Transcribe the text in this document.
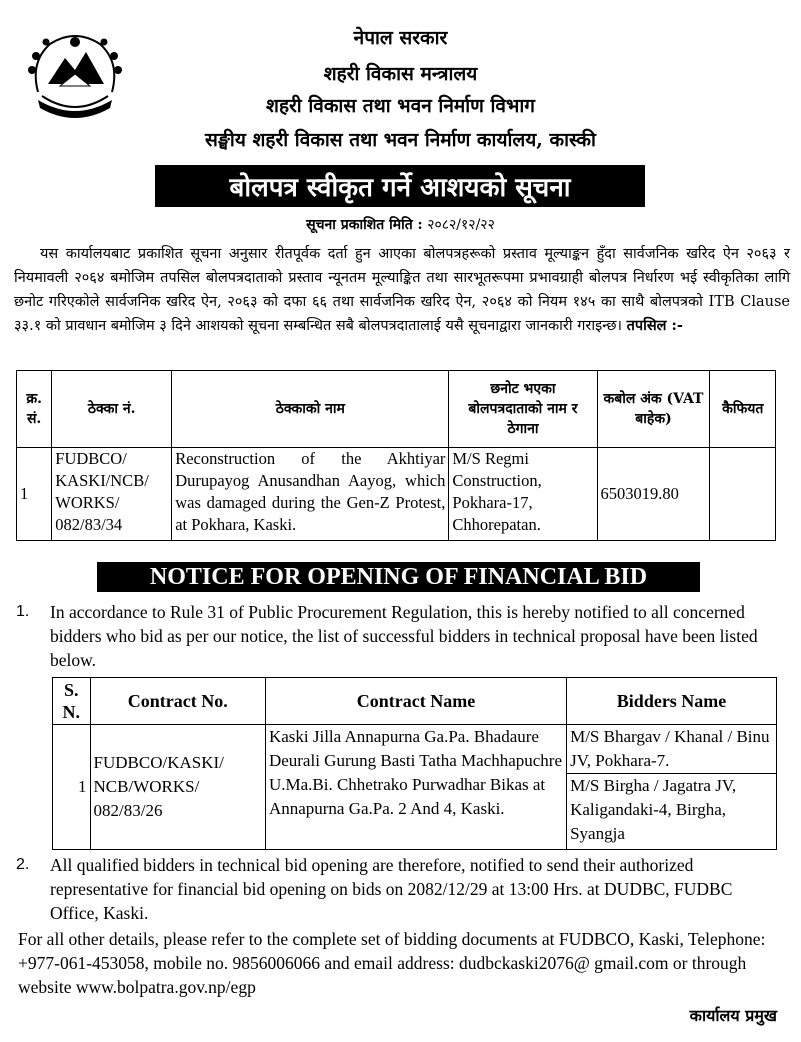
नेपाल सरकार
शहरी विकास मन्त्रालय
शहरी विकास तथा भवन निर्माण विभाग
सङ्घीय शहरी विकास तथा भवन निर्माण कार्यालय, कास्की
बोलपत्र स्वीकृत गर्ने आशयको सूचना
सूचना प्रकाशित मिति : २०८२/१२/२२
यस कार्यालयबाट प्रकाशित सूचना अनुसार रीतपूर्वक दर्ता हुन आएका बोलपत्रहरूको प्रस्ताव मूल्याङ्कन हुँदा सार्वजनिक खरिद ऐन २०६३ र नियमावली २०६४ बमोजिम तपसिल बोलपत्रदाताको प्रस्ताव न्यूनतम मूल्याङ्कित तथा सारभूतरूपमा प्रभावग्राही बोलपत्र निर्धारण भई स्वीकृतिका लागि छनोट गरिएकोले सार्वजनिक खरिद ऐन, २०६३ को दफा ६६ तथा सार्वजनिक खरिद ऐन, २०६४ को नियम १४५ का साथै बोलपत्रको ITB Clause ३३.१ को प्रावधान बमोजिम ३ दिने आशयको सूचना सम्बन्धित सबै बोलपत्रदातालाई यसै सूचनाद्वारा जानकारी गराइन्छ। तपसिल :-
क्र. सं.	ठेक्का नं.	ठेक्काको नाम	छनोट भएका बोलपत्रदाताको नाम र ठेगाना	कबोल अंक (VAT बाहेक)	कैफियत
1	FUDBCO/ KASKI/NCB/ WORKS/ 082/83/34	Reconstruction of the Akhtiyar Durupayog Anusandhan Aayog, which was damaged during the Gen-Z Protest, at Pokhara, Kaski.	M/S Regmi Construction, Pokhara-17, Chhorepatan.	6503019.80	
NOTICE FOR OPENING OF FINANCIAL BID
1. In accordance to Rule 31 of Public Procurement Regulation, this is hereby notified to all concerned bidders who bid as per our notice, the list of successful bidders in technical proposal have been listed below.
S. N.	Contract No.	Contract Name	Bidders Name
1	FUDBCO/KASKI/ NCB/WORKS/ 082/83/26	Kaski Jilla Annapurna Ga.Pa. Bhadaure Deurali Gurung Basti Tatha Machhapuchre U.Ma.Bi. Chhetrako Purwadhar Bikas at Annapurna Ga.Pa. 2 And 4, Kaski.	M/S Bhargav / Khanal / Binu JV, Pokhara-7.
M/S Birgha / Jagatra JV, Kaligandaki-4, Birgha, Syangja
2. All qualified bidders in technical bid opening are therefore, notified to send their authorized representative for financial bid opening on bids on 2082/12/29 at 13:00 Hrs. at DUDBC, FUDBC Office, Kaski.
For all other details, please refer to the complete set of bidding documents at FUDBCO, Kaski, Telephone: +977-061-453058, mobile no. 9856006066 and email address: dudbckaski2076@ gmail.com or through website www.bolpatra.gov.np/egp
कार्यालय प्रमुख
